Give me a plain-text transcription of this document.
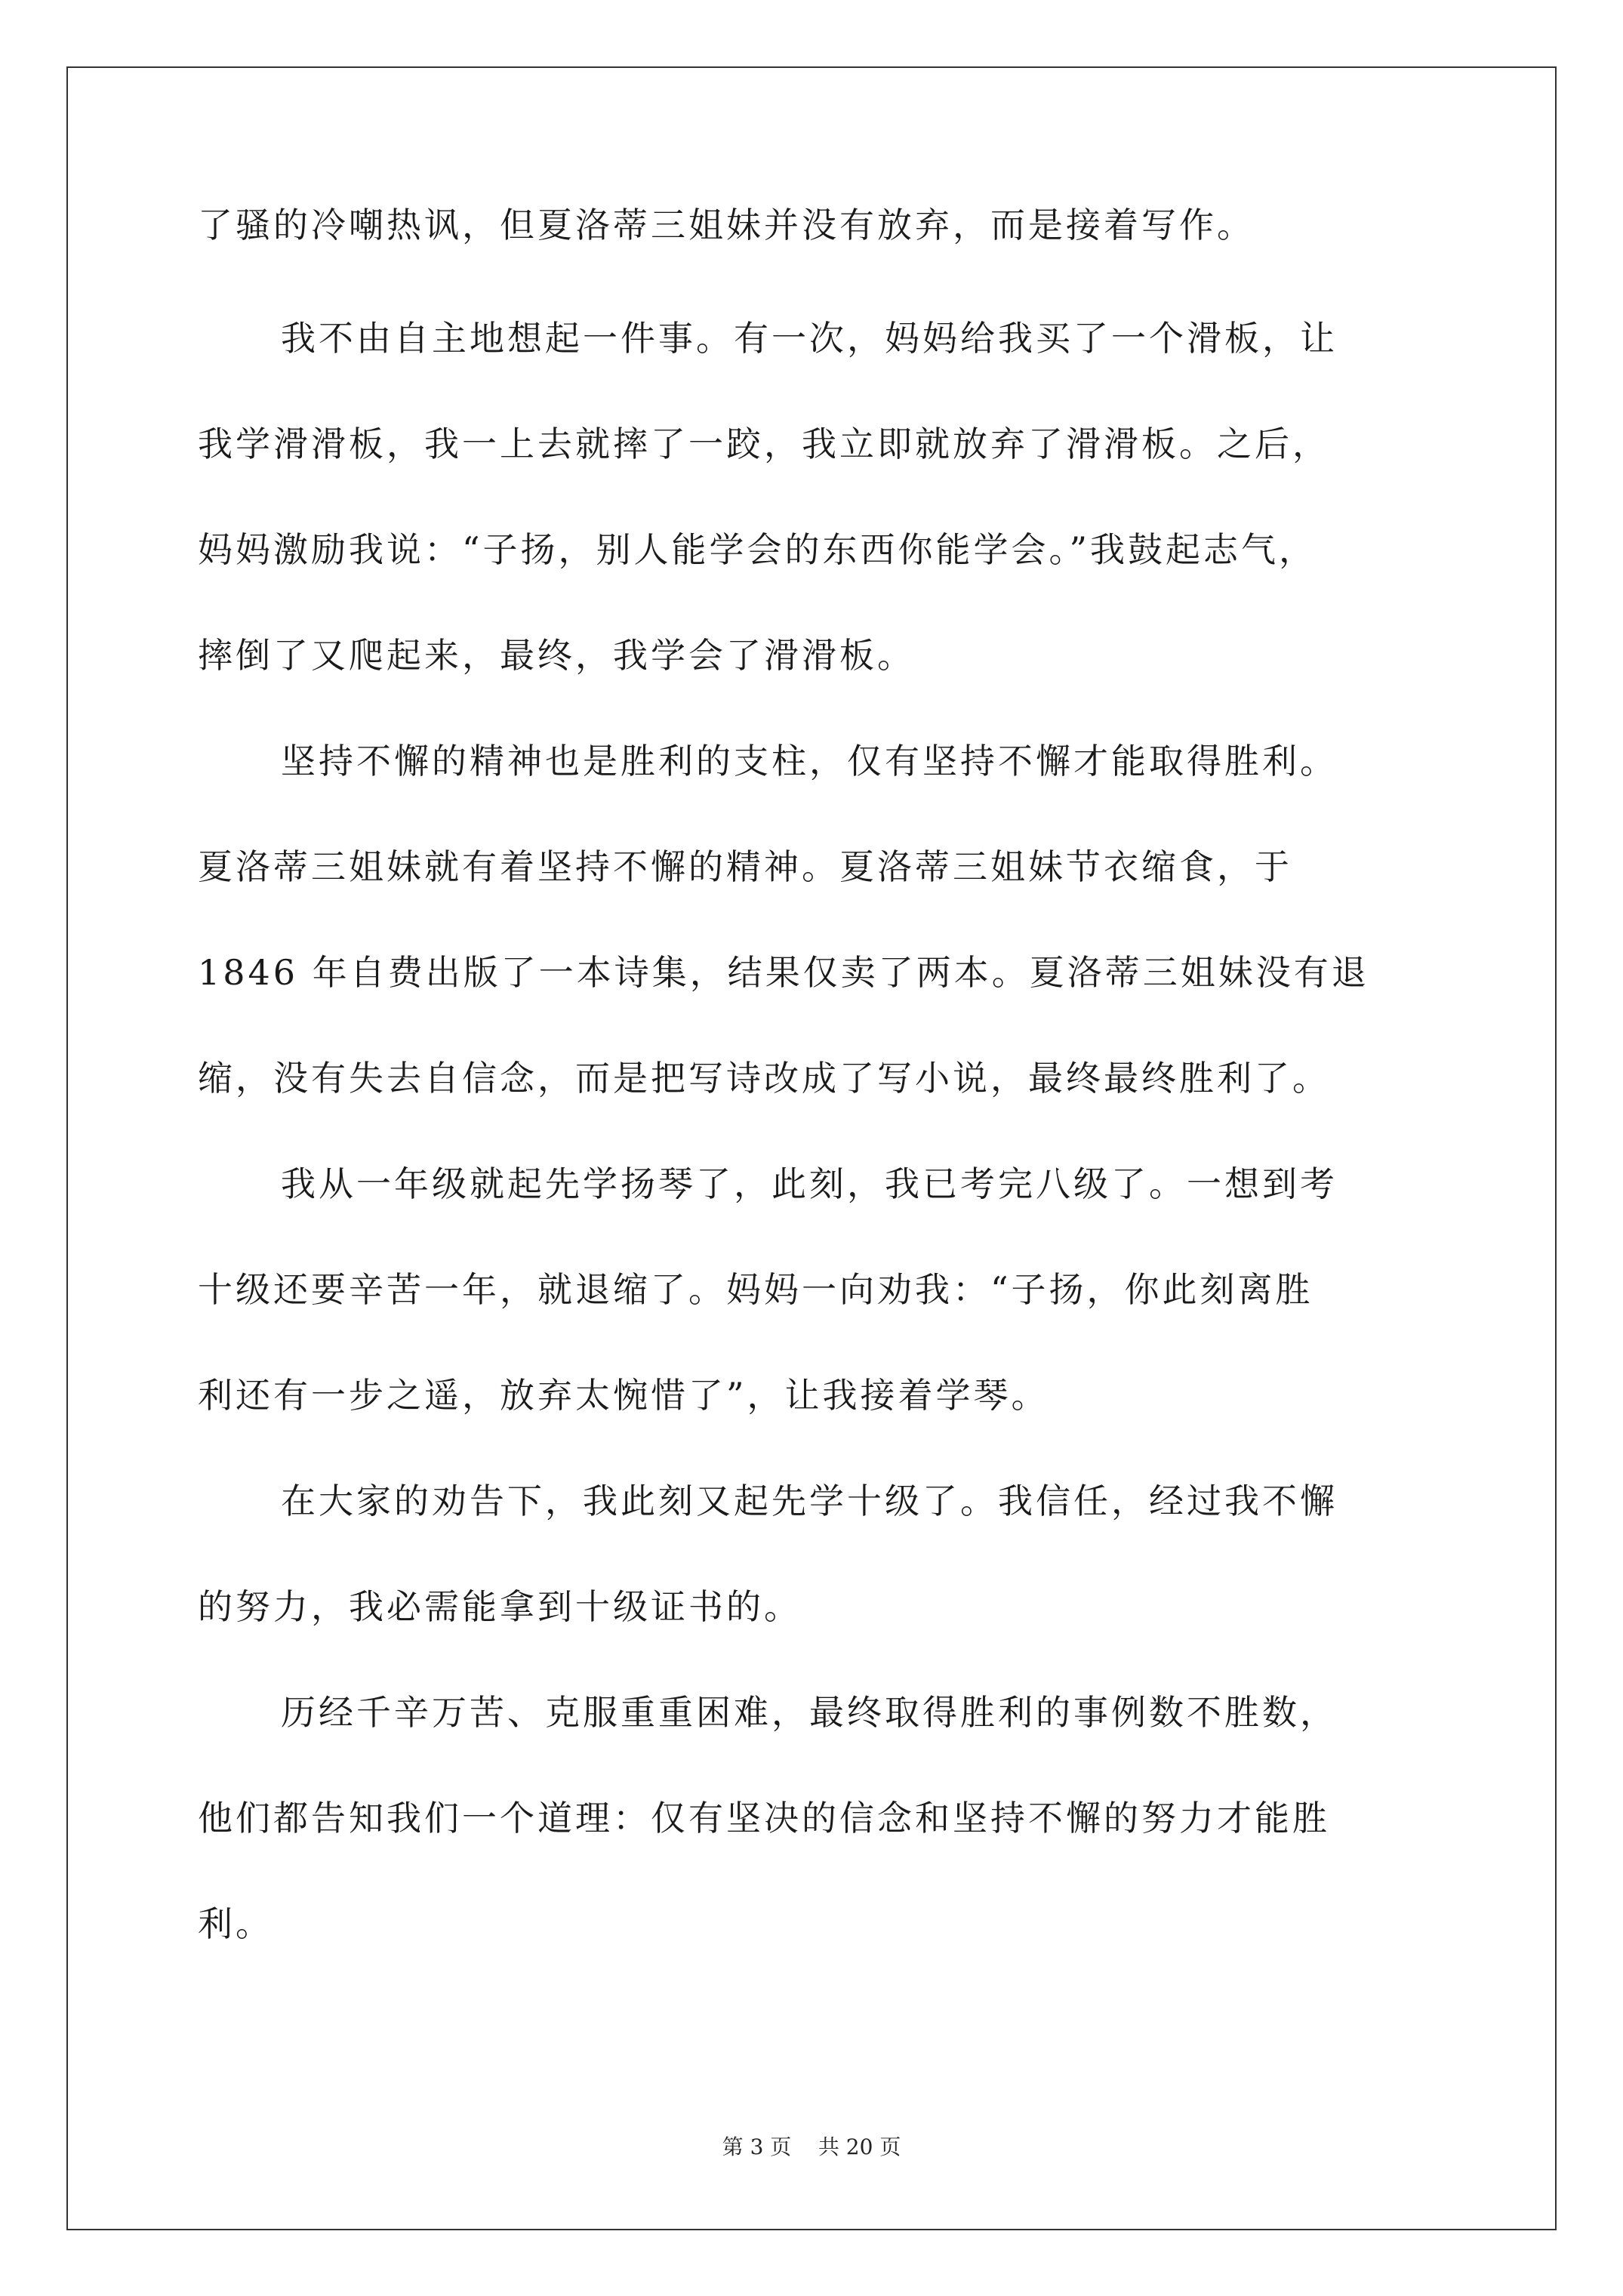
了骚的冷嘲热讽，但夏洛蒂三姐妹并没有放弃，而是接着写作。
我不由自主地想起一件事。有一次，妈妈给我买了一个滑板，让
我学滑滑板，我一上去就摔了一跤，我立即就放弃了滑滑板。之后，
妈妈激励我说：“子扬，别人能学会的东西你能学会。”我鼓起志气，
摔倒了又爬起来，最终，我学会了滑滑板。
坚持不懈的精神也是胜利的支柱，仅有坚持不懈才能取得胜利。
夏洛蒂三姐妹就有着坚持不懈的精神。夏洛蒂三姐妹节衣缩食，于
1846 年自费出版了一本诗集，结果仅卖了两本。夏洛蒂三姐妹没有退
缩，没有失去自信念，而是把写诗改成了写小说，最终最终胜利了。
我从一年级就起先学扬琴了，此刻，我已考完八级了。一想到考
十级还要辛苦一年，就退缩了。妈妈一向劝我：“子扬，你此刻离胜
利还有一步之遥，放弃太惋惜了”，让我接着学琴。
在大家的劝告下，我此刻又起先学十级了。我信任，经过我不懈
的努力，我必需能拿到十级证书的。
历经千辛万苦、克服重重困难，最终取得胜利的事例数不胜数，
他们都告知我们一个道理：仅有坚决的信念和坚持不懈的努力才能胜
利。
第 3 页    共 20 页
